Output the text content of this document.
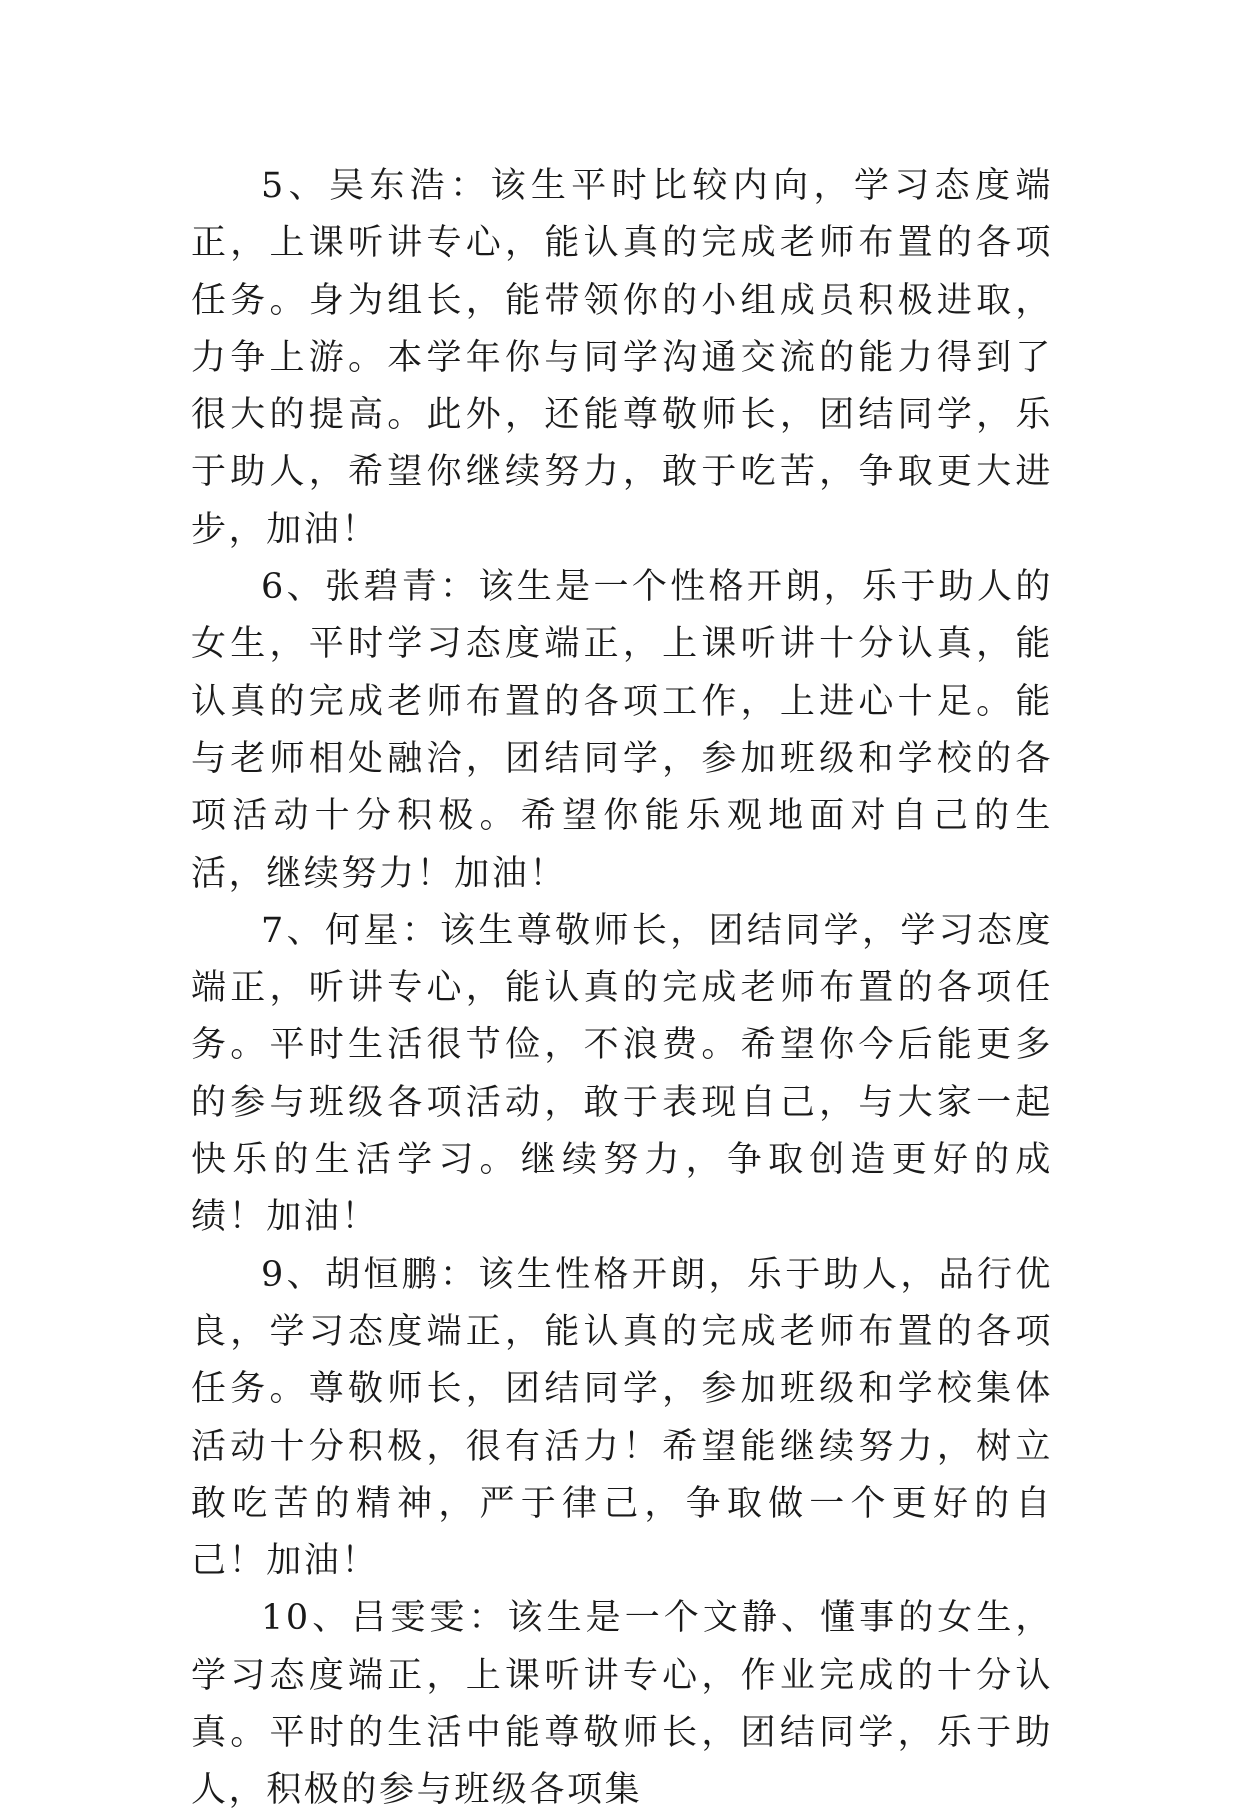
5、吴东浩：该生平时比较内向，学习态度端正，上课听讲专心，能认真的完成老师布置的各项任务。身为组长，能带领你的小组成员积极进取，力争上游。本学年你与同学沟通交流的能力得到了很大的提高。此外，还能尊敬师长，团结同学，乐于助人，希望你继续努力，敢于吃苦，争取更大进步，加油！

6、张碧青：该生是一个性格开朗，乐于助人的女生，平时学习态度端正，上课听讲十分认真，能认真的完成老师布置的各项工作，上进心十足。能与老师相处融洽，团结同学，参加班级和学校的各项活动十分积极。希望你能乐观地面对自己的生活，继续努力！加油！

7、何星：该生尊敬师长，团结同学，学习态度端正，听讲专心，能认真的完成老师布置的各项任务。平时生活很节俭，不浪费。希望你今后能更多的参与班级各项活动，敢于表现自己，与大家一起快乐的生活学习。继续努力，争取创造更好的成绩！加油！

9、胡恒鹏：该生性格开朗，乐于助人，品行优良，学习态度端正，能认真的完成老师布置的各项任务。尊敬师长，团结同学，参加班级和学校集体活动十分积极，很有活力！希望能继续努力，树立敢吃苦的精神，严于律己，争取做一个更好的自己！加油！

10、吕雯雯：该生是一个文静、懂事的女生，学习态度端正，上课听讲专心，作业完成的十分认真。平时的生活中能尊敬师长，团结同学，乐于助人，积极的参与班级各项集
